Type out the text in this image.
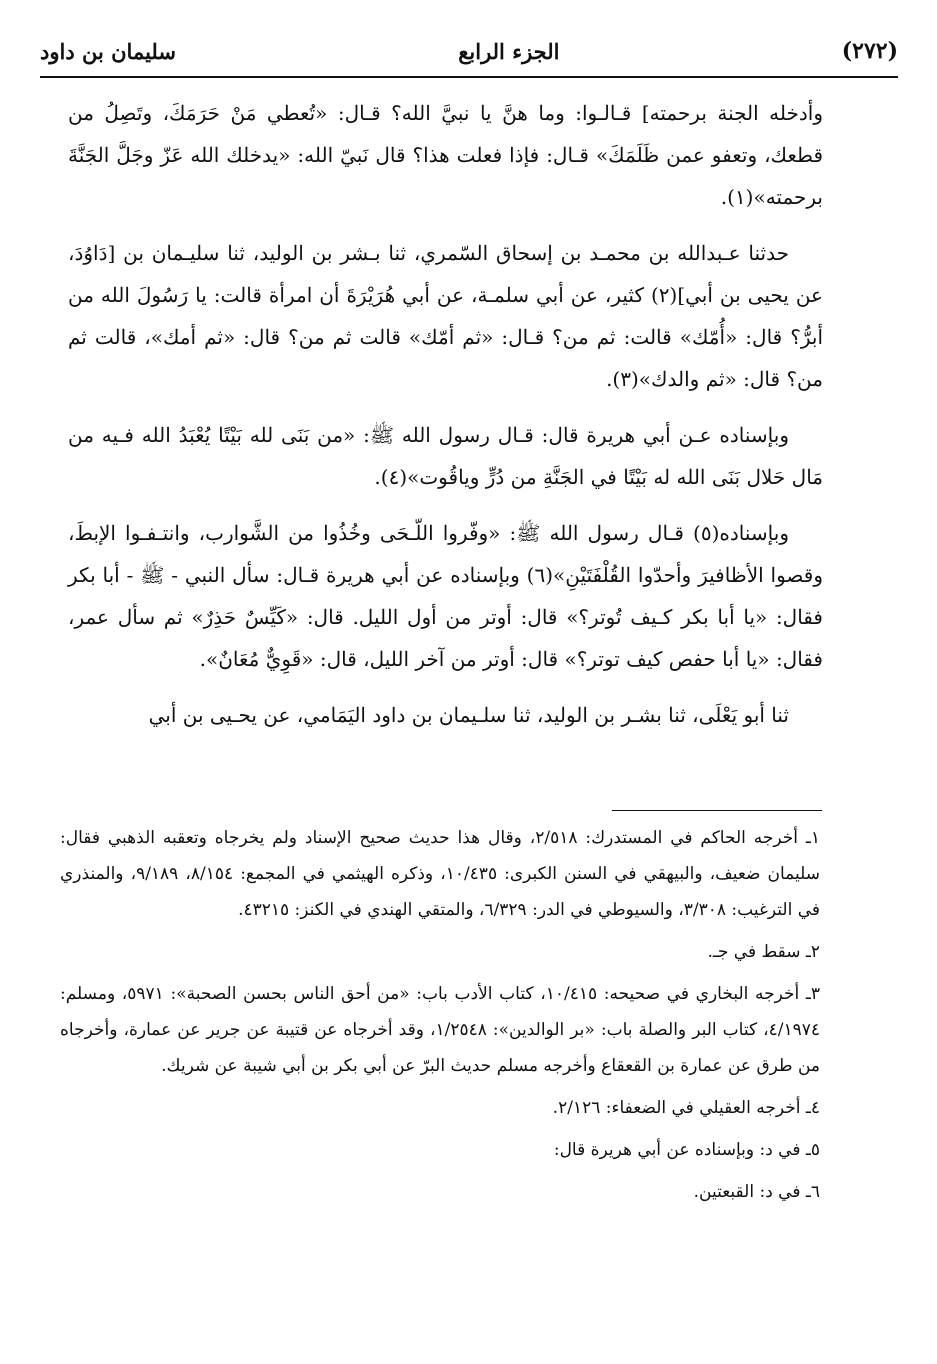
(٢٧٢)
الجزء الرابع
سليمان بن داود

وأدخله الجنة برحمته] قـالـوا: وما هنَّ يا نبيَّ الله؟ قـال: «تُعطي مَنْ حَرَمَكَ، وتَصِلُ من قطعك، وتعفو عمن ظَلَمَكَ» قـال: فإذا فعلت هذا؟ قال نَبيّ الله: «يدخلك الله عَزّ وجَلَّ الجَنَّةَ برحمته»(١).

حدثنا عـبدالله بن محمـد بن إسحاق السّمري، ثنا بـشر بن الوليد، ثنا سليـمان بن [دَاوُدَ، عن يحيى بن أبي](٢) كثير، عن أبي سلمـة، عن أبي هُرَيْرَةَ أن امرأة قالت: يا رَسُولَ الله من أبرُّ؟ قال: «أُمّك» قالت: ثم من؟ قـال: «ثم أمّك» قالت ثم من؟ قال: «ثم أمك»، قالت ثم من؟ قال: «ثم والدك»(٣).

وبإسناده عـن أبي هريرة قال: قـال رسول الله ﷺ: «من بَنَى لله بَيْتًا يُعْبَدُ الله فـيه من مَال حَلال بَنَى الله له بَيْتًا في الجَنَّةِ من دُرٍّ وياقُوت»(٤).

وبإسناده(٥) قـال رسول الله ﷺ: «وفّروا اللّـحَى وخُذُوا من الشَّوارب، وانتـفـوا الإبطَ، وقصوا الأظافيرَ وأحدّوا القُلْفَتَيْنِ»(٦) وبإسناده عن أبي هريرة قـال: سأل النبي - ﷺ - أبا بكر فقال: «يا أبا بكر كـيف تُوتر؟» قال: أوتر من أول الليل. قال: «كَيِّسٌ حَذِرٌ» ثم سأل عمر، فقال: «يا أبا حفص كيف توتر؟» قال: أوتر من آخر الليل، قال: «قَوِيٌّ مُعَانٌ».

ثنا أبو يَعْلَى، ثنا بشـر بن الوليد، ثنا سلـيمان بن داود اليَمَامي، عن يحـيى بن أبي

١ـ أخرجه الحاكم في المستدرك: ٢/٥١٨، وقال هذا حديث صحيح الإسناد ولم يخرجاه وتعقبه الذهبي فقال: سليمان ضعيف، والبيهقي في السنن الكبرى: ١٠/٤٣٥، وذكره الهيثمي في المجمع: ٨/١٥٤، ٩/١٨٩، والمنذري في الترغيب: ٣/٣٠٨، والسيوطي في الدر: ٦/٣٢٩، والمتقي الهندي في الكنز: ٤٣٢١٥.

٢ـ سقط في جـ.

٣ـ أخرجه البخاري في صحيحه: ١٠/٤١٥، كتاب الأدب باب: «من أحق الناس بحسن الصحبة»: ٥٩٧١، ومسلم: ٤/١٩٧٤، كتاب البر والصلة باب: «بر الوالدين»: ١/٢٥٤٨، وقد أخرجاه عن قتيبة عن جرير عن عمارة، وأخرجاه من طرق عن عمارة بن القعقاع وأخرجه مسلم حديث البرّ عن أبي بكر بن أبي شيبة عن شريك.

٤ـ أخرجه العقيلي في الضعفاء: ٢/١٢٦.

٥ـ في د: وبإسناده عن أبي هريرة قال:

٦ـ في د: القبعتين.
